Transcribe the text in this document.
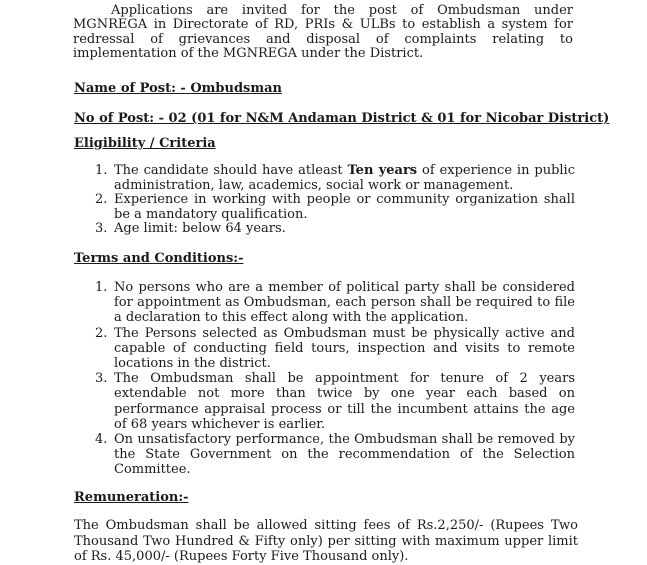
Applications are invited for the post of Ombudsman under MGNREGA in Directorate of RD, PRIs & ULBs to establish a system for redressal of grievances and disposal of complaints relating to implementation of the MGNREGA under the District.

Name of Post: - Ombudsman
No of Post: - 02 (01 for N&M Andaman District & 01 for Nicobar District)
Eligibility / Criteria
1. The candidate should have atleast Ten years of experience in public administration, law, academics, social work or management.
2. Experience in working with people or community organization shall be a mandatory qualification.
3. Age limit: below 64 years.
Terms and Conditions:-
1. No persons who are a member of political party shall be considered for appointment as Ombudsman, each person shall be required to file a declaration to this effect along with the application.
2. The Persons selected as Ombudsman must be physically active and capable of conducting field tours, inspection and visits to remote locations in the district.
3. The Ombudsman shall be appointment for tenure of 2 years extendable not more than twice by one year each based on performance appraisal process or till the incumbent attains the age of 68 years whichever is earlier.
4. On unsatisfactory performance, the Ombudsman shall be removed by the State Government on the recommendation of the Selection Committee.
Remuneration:-

The Ombudsman shall be allowed sitting fees of Rs.2,250/- (Rupees Two Thousand Two Hundred & Fifty only) per sitting with maximum upper limit of Rs. 45,000/- (Rupees Forty Five Thousand only).
